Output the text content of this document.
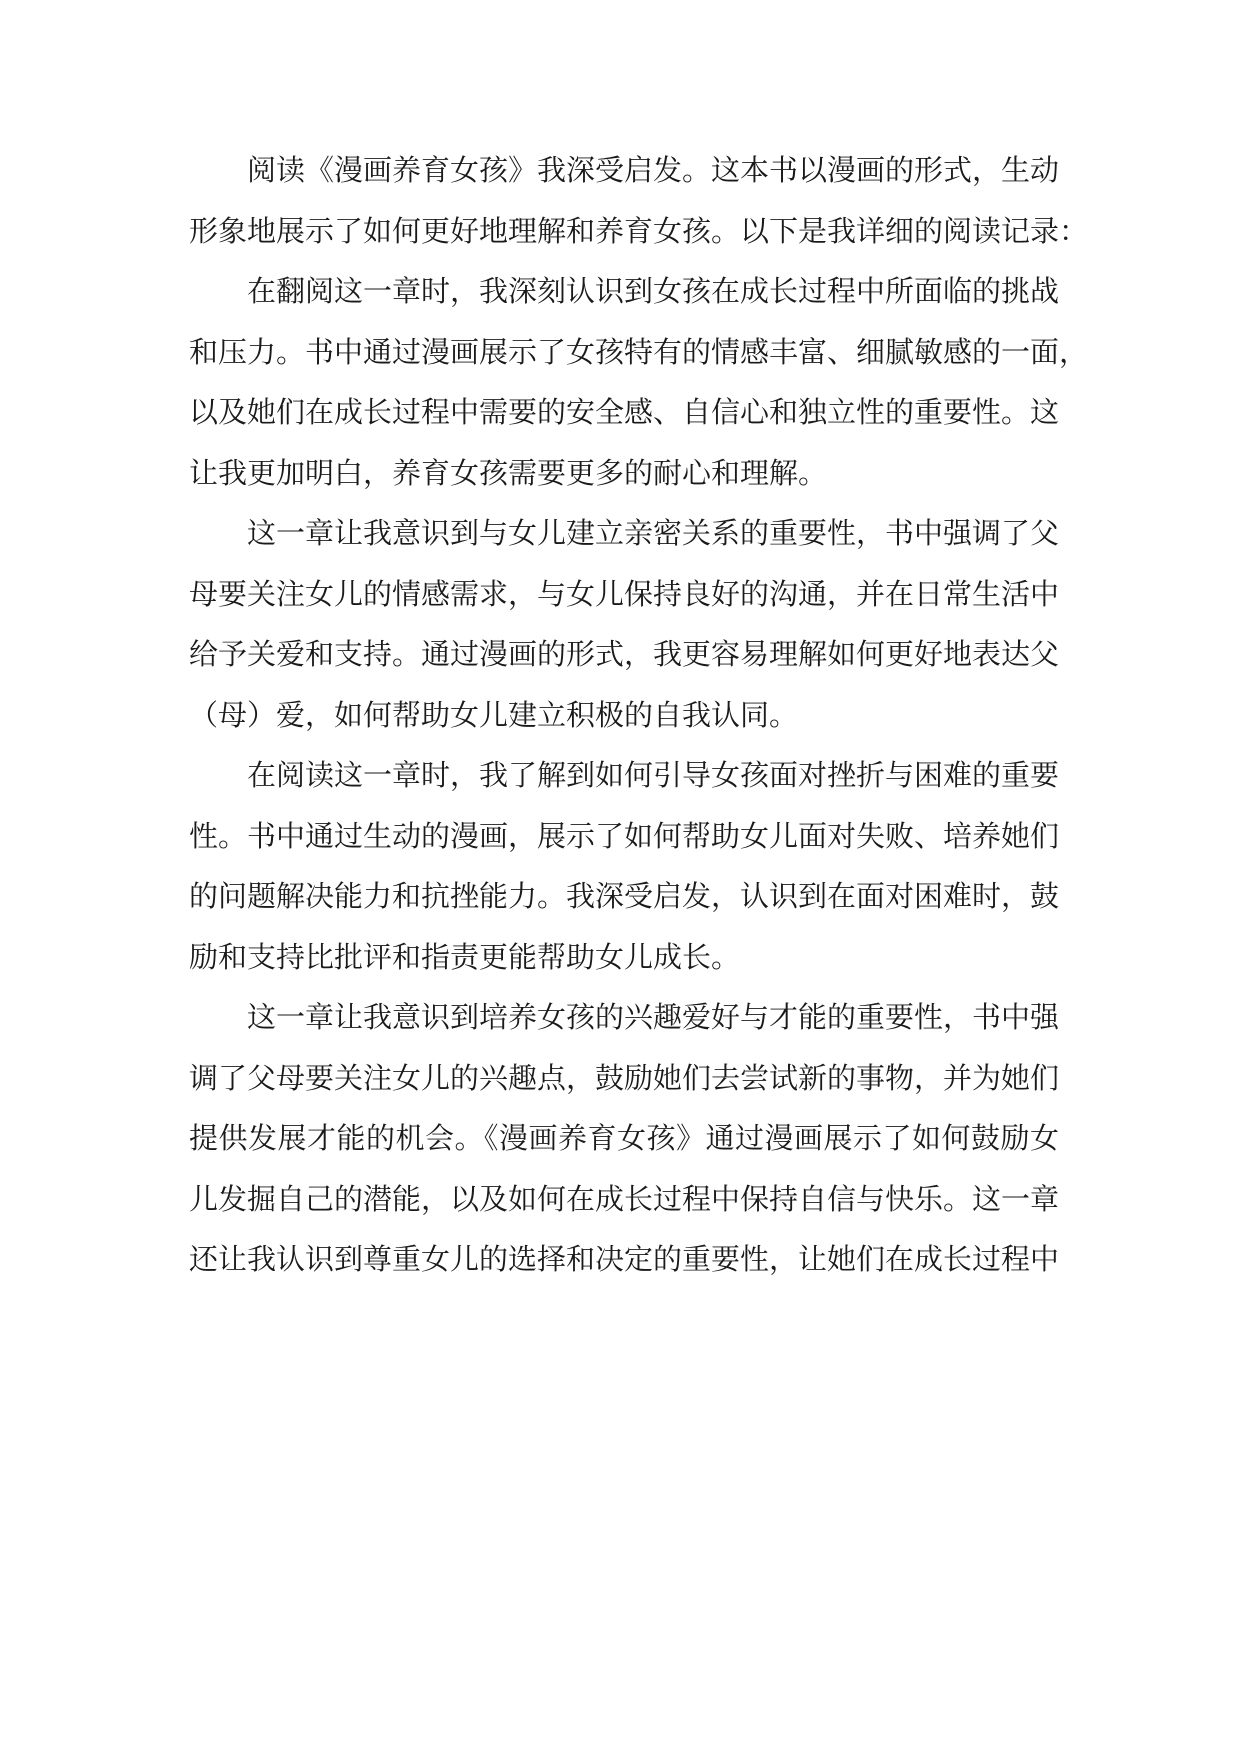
阅读《漫画养育女孩》我深受启发。这本书以漫画的形式，生动
形象地展示了如何更好地理解和养育女孩。以下是我详细的阅读记录：
在翻阅这一章时，我深刻认识到女孩在成长过程中所面临的挑战
和压力。书中通过漫画展示了女孩特有的情感丰富、细腻敏感的一面，
以及她们在成长过程中需要的安全感、自信心和独立性的重要性。这
让我更加明白，养育女孩需要更多的耐心和理解。
这一章让我意识到与女儿建立亲密关系的重要性，书中强调了父
母要关注女儿的情感需求，与女儿保持良好的沟通，并在日常生活中
给予关爱和支持。通过漫画的形式，我更容易理解如何更好地表达父
（母）爱，如何帮助女儿建立积极的自我认同。
在阅读这一章时，我了解到如何引导女孩面对挫折与困难的重要
性。书中通过生动的漫画，展示了如何帮助女儿面对失败、培养她们
的问题解决能力和抗挫能力。我深受启发，认识到在面对困难时，鼓
励和支持比批评和指责更能帮助女儿成长。
这一章让我意识到培养女孩的兴趣爱好与才能的重要性，书中强
调了父母要关注女儿的兴趣点，鼓励她们去尝试新的事物，并为她们
提供发展才能的机会。《漫画养育女孩》通过漫画展示了如何鼓励女
儿发掘自己的潜能，以及如何在成长过程中保持自信与快乐。这一章
还让我认识到尊重女儿的选择和决定的重要性，让她们在成长过程中
